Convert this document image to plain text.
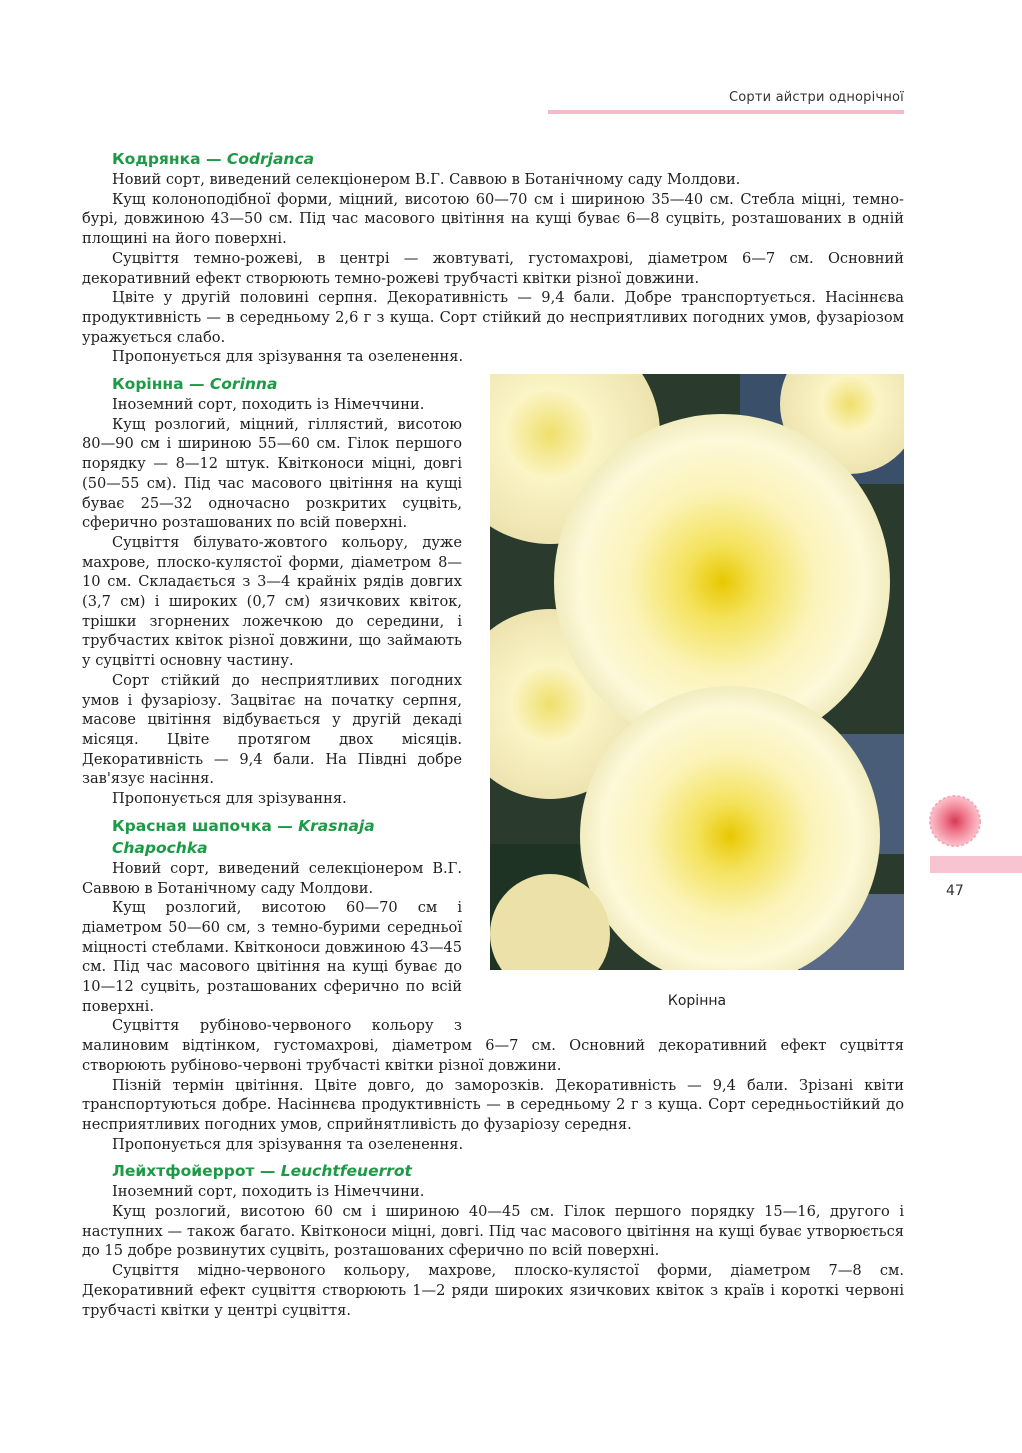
Сорти айстри однорічної
Кодрянка — Codrjanca

Новий сорт, виведений селекціонером В.Г. Саввою в Ботанічному саду Молдови.

Кущ колоноподібної форми, міцний, висотою 60—70 см і шириною 35—40 см. Стебла міцні, темно-бурі, довжиною 43—50 см. Під час масового цвітіння на кущі буває 6—8 суцвіть, розташованих в одній площині на його поверхні.

Суцвіття темно-рожеві, в центрі — жовтуваті, густомахрові, діаметром 6—7 см. Основний декоративний ефект створюють темно-рожеві трубчасті квітки різної довжини.

Цвіте у другій половині серпня. Декоративність — 9,4 бали. Добре транспортується. Насіннєва продуктивність — в середньому 2,6 г з куща. Сорт стійкий до несприятливих погодних умов, фузаріозом уражується слабо.

Пропонується для зрізування та озеленення.

Корінна
Корінна — Corinna

Іноземний сорт, походить із Німеччини.

Кущ розлогий, міцний, гіллястий, висотою 80—90 см і шириною 55—60 см. Гілок першого порядку — 8—12 штук. Квітконоси міцні, довгі (50—55 см). Під час масового цвітіння на кущі буває 25—32 одночасно розкритих суцвіть, сферично розташованих по всій поверхні.

Суцвіття білувато-жовтого кольору, дуже махрове, плоско-кулястої форми, діаметром 8—10 см. Складається з 3—4 крайніх рядів довгих (3,7 см) і широких (0,7 см) язичкових квіток, трішки згорнених ложечкою до середини, і трубчастих квіток різної довжини, що займають у суцвітті основну частину.

Сорт стійкий до несприятливих погодних умов і фузаріозу. Зацвітає на початку серпня, масове цвітіння відбувається у другій декаді місяця. Цвіте протягом двох місяців. Декоративність — 9,4 бали. На Півдні добре зав'язує насіння.

Пропонується для зрізування.

Красная шапочка — Krasnaja Chapochka

Новий сорт, виведений селекціонером В.Г. Саввою в Ботанічному саду Молдови.

Кущ розлогий, висотою 60—70 см і діаметром 50—60 см, з темно-бурими середньої міцності стеблами. Квітконоси довжиною 43—45 см. Під час масового цвітіння на кущі буває до 10—12 суцвіть, розташованих сферично по всій поверхні.

Суцвіття рубіново-червоного кольору з малиновим відтінком, густомахрові, діаметром 6—7 см. Основний декоративний ефект суцвіття створюють рубіново-червоні трубчасті квітки різної довжини.

Пізній термін цвітіння. Цвіте довго, до заморозків. Декоративність — 9,4 бали. Зрізані квіти транспортуються добре. Насіннєва продуктивність — в середньому 2 г з куща. Сорт середньостійкий до несприятливих погодних умов, сприйнятливість до фузаріозу середня.

Пропонується для зрізування та озеленення.

Лейхтфойеррот — Leuchtfeuerrot

Іноземний сорт, походить із Німеччини.

Кущ розлогий, висотою 60 см і шириною 40—45 см. Гілок першого порядку 15—16, другого і наступних — також багато. Квітконоси міцні, довгі. Під час масового цвітіння на кущі буває утворюється до 15 добре розвинутих суцвіть, розташованих сферично по всій поверхні.

Суцвіття мідно-червоного кольору, махрове, плоско-кулястої форми, діаметром 7—8 см. Декоративний ефект суцвіття створюють 1—2 ряди широких язичкових квіток з країв і короткі червоні трубчасті квітки у центрі суцвіття.

47
